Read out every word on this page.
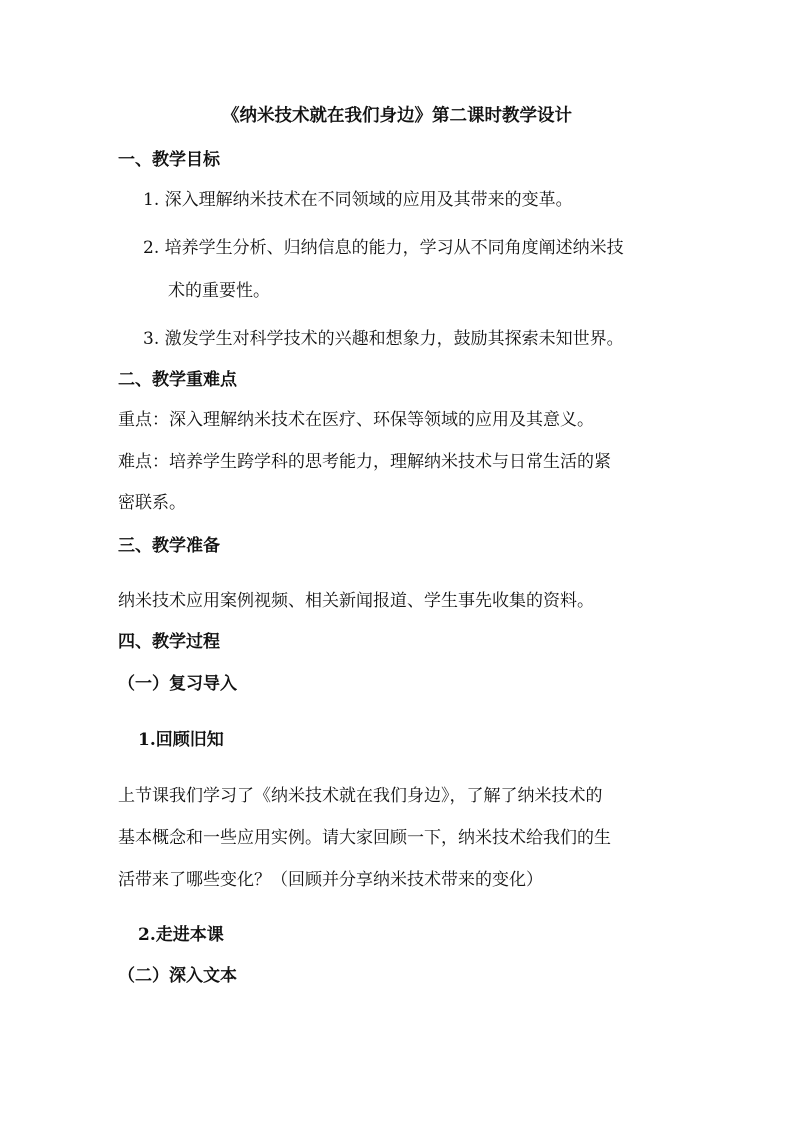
《纳米技术就在我们身边》第二课时教学设计
一、教学目标
1. 深入理解纳米技术在不同领域的应用及其带来的变革。
2. 培养学生分析、归纳信息的能力，学习从不同角度阐述纳米技
术的重要性。
3. 激发学生对科学技术的兴趣和想象力，鼓励其探索未知世界。
二、教学重难点
重点：深入理解纳米技术在医疗、环保等领域的应用及其意义。
难点：培养学生跨学科的思考能力，理解纳米技术与日常生活的紧
密联系。
三、教学准备
纳米技术应用案例视频、相关新闻报道、学生事先收集的资料。
四、教学过程
（一）复习导入
1.回顾旧知
上节课我们学习了《纳米技术就在我们身边》，了解了纳米技术的
基本概念和一些应用实例。请大家回顾一下，纳米技术给我们的生
活带来了哪些变化？（回顾并分享纳米技术带来的变化）
2.走进本课
（二）深入文本
